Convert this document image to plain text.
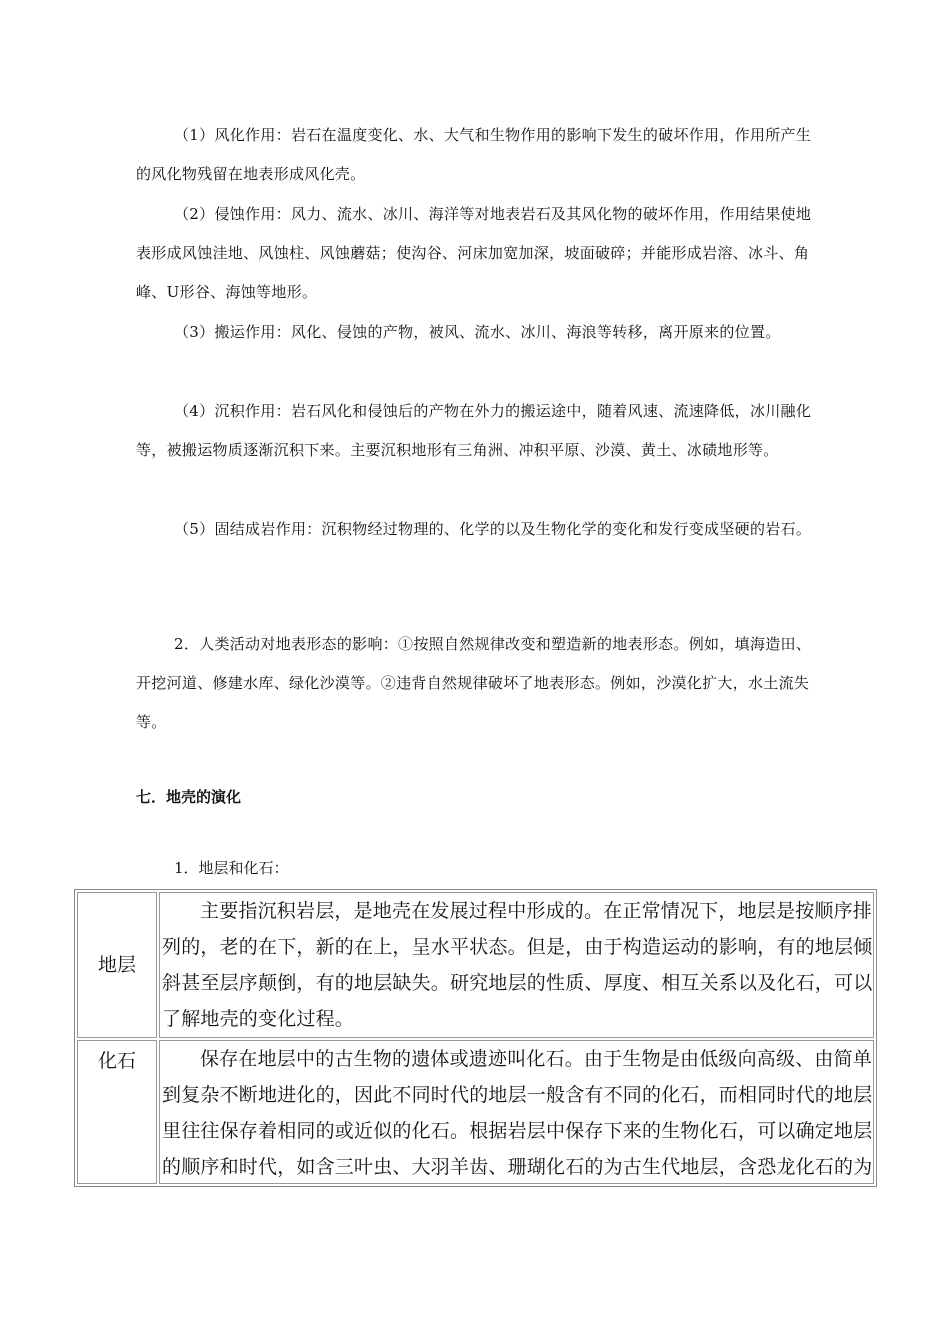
（1）风化作用：岩石在温度变化、水、大气和生物作用的影响下发生的破坏作用，作用所产生的风化物残留在地表形成风化壳。

（2）侵蚀作用：风力、流水、冰川、海洋等对地表岩石及其风化物的破坏作用，作用结果使地表形成风蚀洼地、风蚀柱、风蚀蘑菇；使沟谷、河床加宽加深，坡面破碎；并能形成岩溶、冰斗、角峰、U形谷、海蚀等地形。

（3）搬运作用：风化、侵蚀的产物，被风、流水、冰川、海浪等转移，离开原来的位置。

（4）沉积作用：岩石风化和侵蚀后的产物在外力的搬运途中，随着风速、流速降低，冰川融化等，被搬运物质逐渐沉积下来。主要沉积地形有三角洲、冲积平原、沙漠、黄土、冰碛地形等。

（5）固结成岩作用：沉积物经过物理的、化学的以及生物化学的变化和发行变成坚硬的岩石。

2．人类活动对地表形态的影响：①按照自然规律改变和塑造新的地表形态。例如，填海造田、开挖河道、修建水库、绿化沙漠等。②违背自然规律破坏了地表形态。例如，沙漠化扩大，水土流失等。

七．地壳的演化

1．地层和化石：

地层	主要指沉积岩层，是地壳在发展过程中形成的。在正常情况下，地层是按顺序排列的，老的在下，新的在上，呈水平状态。但是，由于构造运动的影响，有的地层倾斜甚至层序颠倒，有的地层缺失。研究地层的性质、厚度、相互关系以及化石，可以了解地壳的变化过程。
化石	保存在地层中的古生物的遗体或遗迹叫化石。由于生物是由低级向高级、由简单到复杂不断地进化的，因此不同时代的地层一般含有不同的化石，而相同时代的地层里往往保存着相同的或近似的化石。根据岩层中保存下来的生物化石，可以确定地层的顺序和时代，如含三叶虫、大羽羊齿、珊瑚化石的为古生代地层，含恐龙化石的为
